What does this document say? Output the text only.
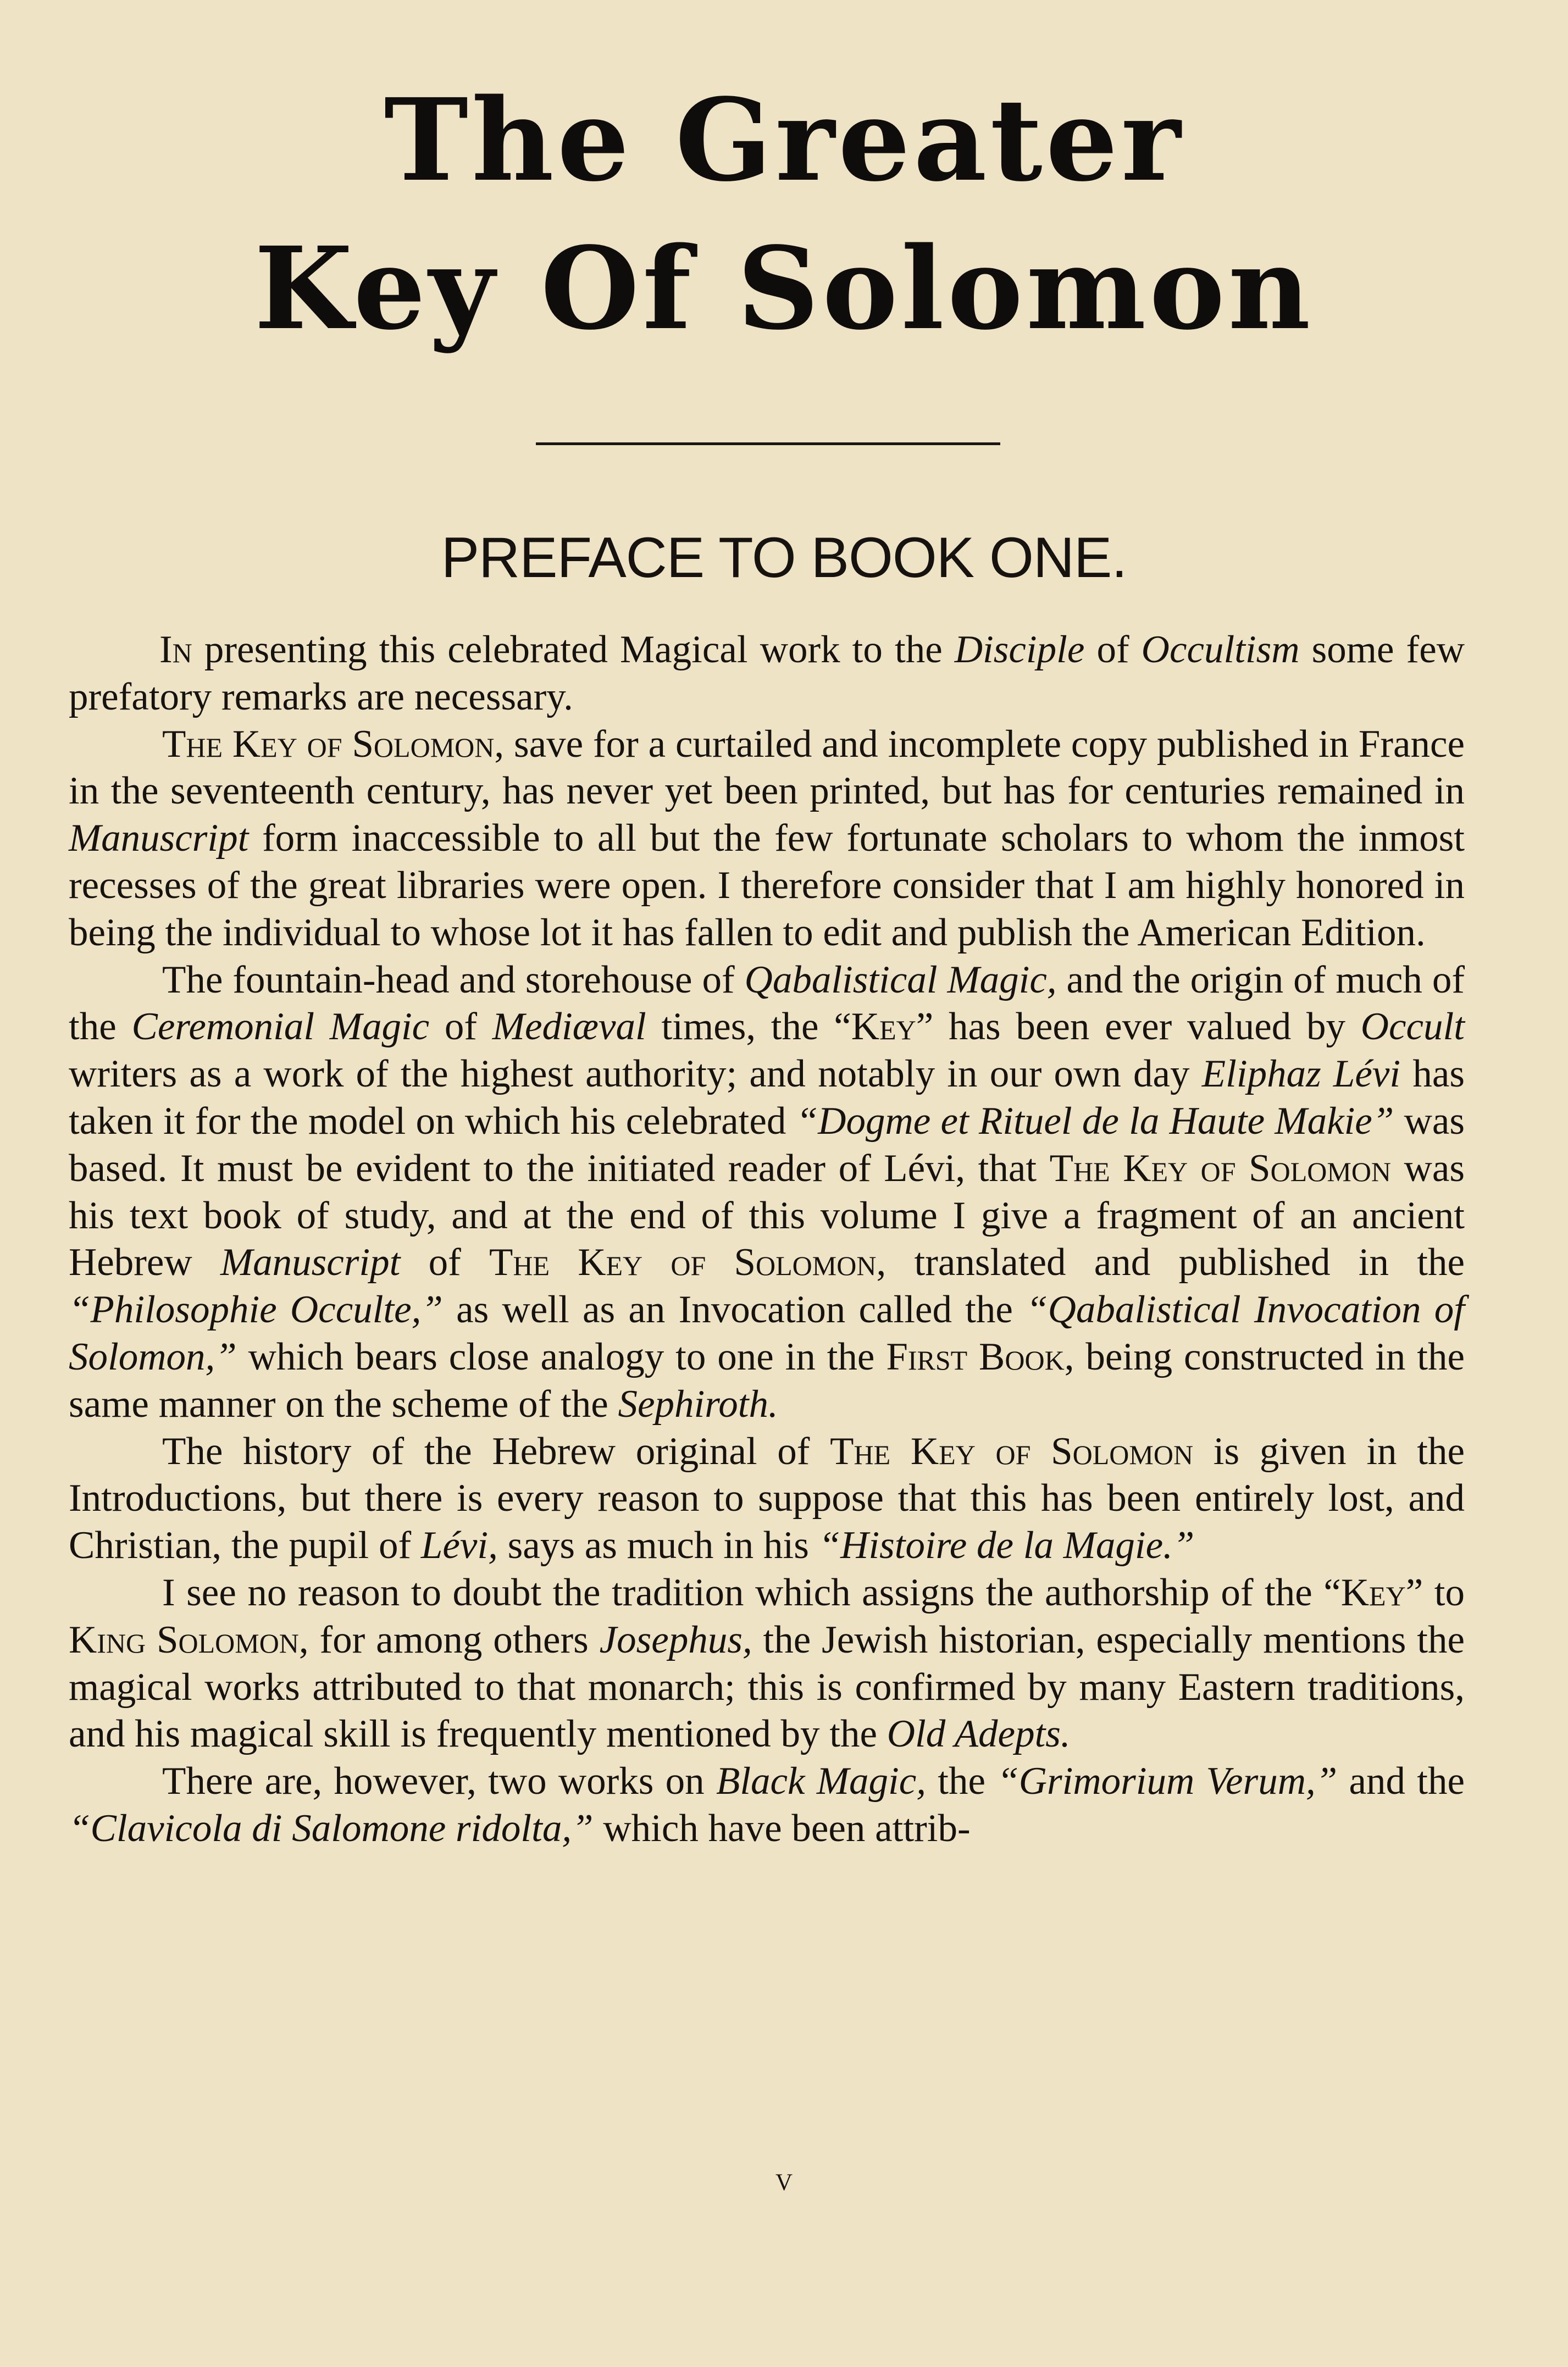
The Greater
Key Of Solomon
PREFACE TO BOOK ONE.

In presenting this celebrated Magical work to the Disciple of Occultism some few prefatory remarks are necessary.

The Key of Solomon, save for a curtailed and incomplete copy published in France in the seventeenth century, has never yet been printed, but has for centuries remained in Manuscript form inaccessible to all but the few fortunate scholars to whom the inmost recesses of the great libraries were open. I therefore consider that I am highly honored in being the individual to whose lot it has fallen to edit and publish the American Edition.

The fountain-head and storehouse of Qabalistical Magic, and the origin of much of the Ceremonial Magic of Mediæval times, the “Key” has been ever valued by Occult writers as a work of the highest authority; and notably in our own day Eliphaz Lévi has taken it for the model on which his celebrated “Dogme et Rituel de la Haute Makie” was based. It must be evident to the initiated reader of Lévi, that The Key of Solomon was his text book of study, and at the end of this volume I give a fragment of an ancient Hebrew Manuscript of The Key of Solomon, translated and published in the “Philosophie Occulte,” as well as an Invocation called the “Qabalistical Invocation of Solomon,” which bears close analogy to one in the First Book, being constructed in the same manner on the scheme of the Sephiroth.

The history of the Hebrew original of The Key of Solomon is given in the Introductions, but there is every reason to suppose that this has been entirely lost, and Christian, the pupil of Lévi, says as much in his “Histoire de la Magie.”

I see no reason to doubt the tradition which assigns the authorship of the “Key” to King Solomon, for among others Josephus, the Jewish historian, especially mentions the magical works attributed to that monarch; this is confirmed by many Eastern traditions, and his magical skill is frequently mentioned by the Old Adepts.

There are, however, two works on Black Magic, the “Grimorium Verum,” and the “Clavicola di Salomone ridolta,” which have been attrib-

v
